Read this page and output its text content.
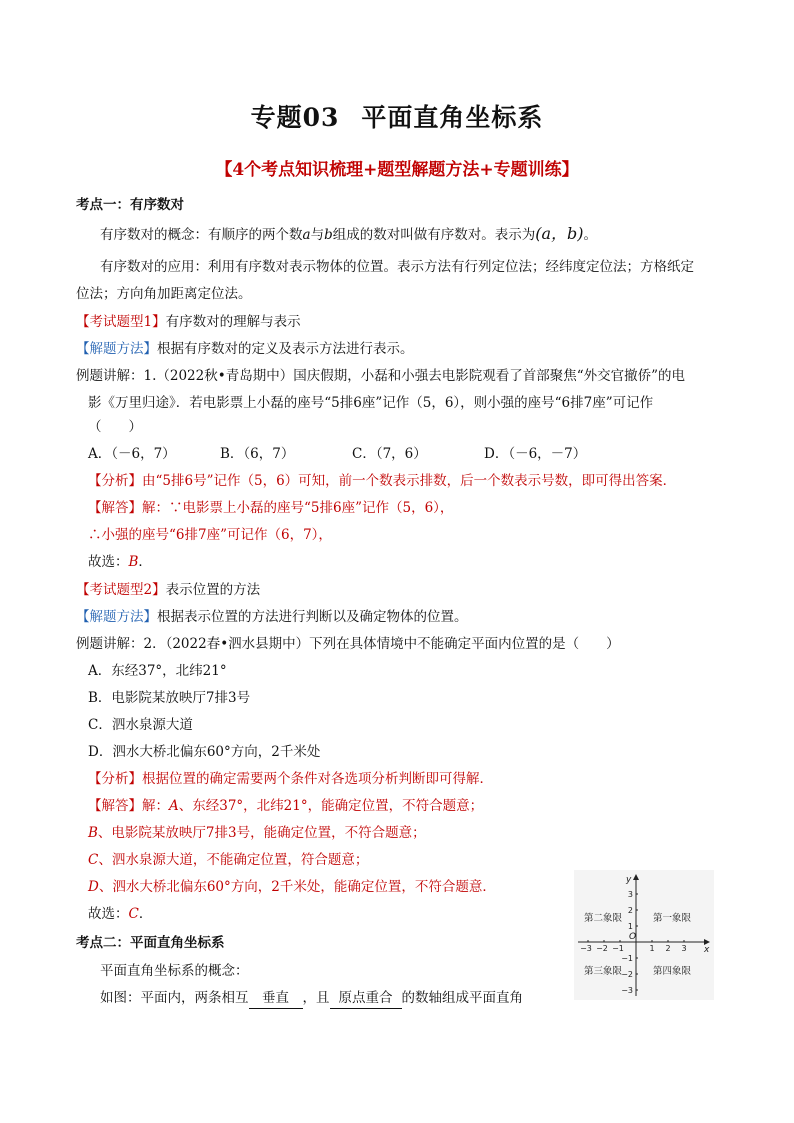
专题03 平面直角坐标系
【4个考点知识梳理+题型解题方法+专题训练】
考点一：有序数对
有序数对的概念：有顺序的两个数a与b组成的数对叫做有序数对。表示为(a，b)。
有序数对的应用：利用有序数对表示物体的位置。表示方法有行列定位法；经纬度定位法；方格纸定
位法；方向角加距离定位法。
【考试题型1】有序数对的理解与表示
【解题方法】根据有序数对的定义及表示方法进行表示。
例题讲解：1.（2022秋•青岛期中）国庆假期，小磊和小强去电影院观看了首部聚焦“外交官撤侨”的电
影《万里归途》．若电影票上小磊的座号“5排6座”记作（5，6），则小强的座号“6排7座”可记作
（　　）
A．（－6，7）	B．（6，7）	C．（7，6）	D．（－6，－7）
【分析】由“5排6号”记作（5，6）可知，前一个数表示排数，后一个数表示号数，即可得出答案．
【解答】解：∵电影票上小磊的座号“5排6座”记作（5，6），
∴小强的座号“6排7座”可记作（6，7），
故选：B．
【考试题型2】表示位置的方法
【解题方法】根据表示位置的方法进行判断以及确定物体的位置。
例题讲解：2．（2022春•泗水县期中）下列在具体情境中不能确定平面内位置的是（　　）
A．东经37°，北纬21°
B．电影院某放映厅7排3号
C．泗水泉源大道
D．泗水大桥北偏东60°方向，2千米处
【分析】根据位置的确定需要两个条件对各选项分析判断即可得解．
【解答】解：A、东经37°，北纬21°，能确定位置，不符合题意；
B、电影院某放映厅7排3号，能确定位置，不符合题意；
C、泗水泉源大道，不能确定位置，符合题意；
D、泗水大桥北偏东60°方向，2千米处，能确定位置，不符合题意．
故选：C．
考点二：平面直角坐标系
平面直角坐标系的概念：
如图：平面内，两条相互 垂直 ，且 原点重合 的数轴组成平面直角
−3 −2 −1	1 2 3
3
2
1
−1
−2
−3
O
x
y
第一象限
第二象限
第三象限	第四象限
